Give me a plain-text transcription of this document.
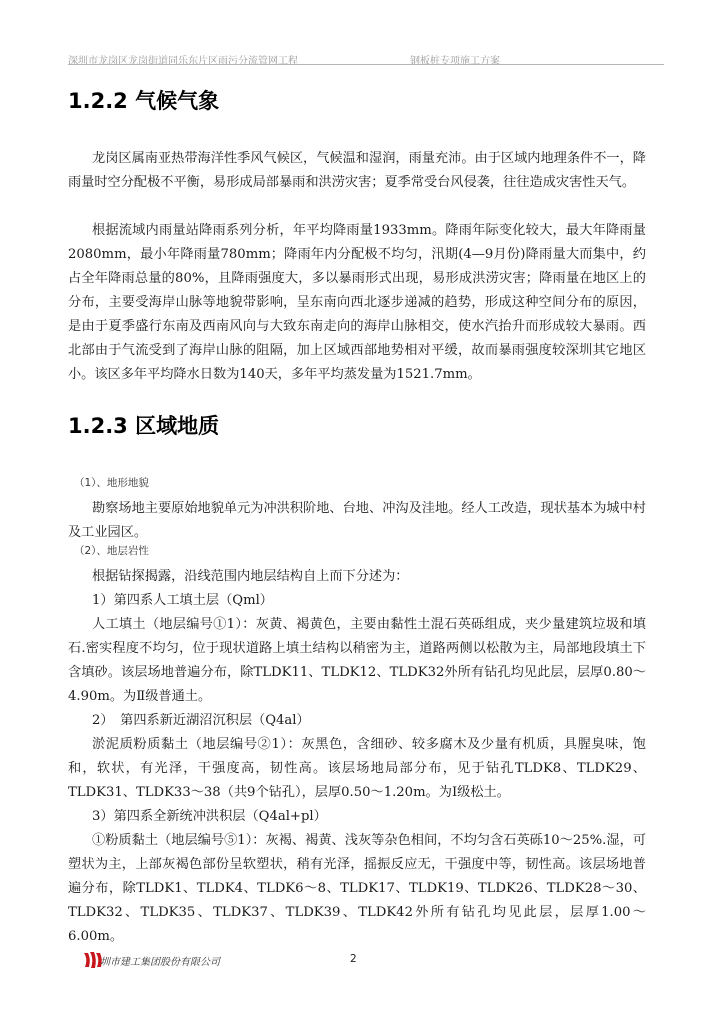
深圳市龙岗区龙岗街道同乐东片区雨污分流管网工程	钢板桩专项施工方案
1.2.2 气候气象

龙岗区属南亚热带海洋性季风气候区，气候温和湿润，雨量充沛。由于区域内地理条件不一，降雨量时空分配极不平衡，易形成局部暴雨和洪涝灾害；夏季常受台风侵袭，往往造成灾害性天气。

根据流域内雨量站降雨系列分析，年平均降雨量1933mm。降雨年际变化较大，最大年降雨量2080mm，最小年降雨量780mm；降雨年内分配极不均匀，汛期(4—9月份)降雨量大而集中，约占全年降雨总量的80%，且降雨强度大，多以暴雨形式出现，易形成洪涝灾害；降雨量在地区上的分布，主要受海岸山脉等地貌带影响，呈东南向西北逐步递减的趋势，形成这种空间分布的原因，是由于夏季盛行东南及西南风向与大致东南走向的海岸山脉相交，使水汽抬升而形成较大暴雨。西北部由于气流受到了海岸山脉的阻隔，加上区域西部地势相对平缓，故而暴雨强度较深圳其它地区小。该区多年平均降水日数为140天，多年平均蒸发量为1521.7mm。

1.2.3 区域地质
（1）、地形地貌

勘察场地主要原始地貌单元为冲洪积阶地、台地、冲沟及洼地。经人工改造，现状基本为城中村及工业园区。

（2）、地层岩性

根据钻探揭露，沿线范围内地层结构自上而下分述为：

1）第四系人工填土层（Qml）

人工填土（地层编号①1）：灰黄、褐黄色，主要由黏性土混石英砾组成，夹少量建筑垃圾和填石.密实程度不均匀，位于现状道路上填土结构以稍密为主，道路两侧以松散为主，局部地段填土下含填砂。该层场地普遍分布，除TLDK11、TLDK12、TLDK32外所有钻孔均见此层，层厚0.80～4.90m。为Ⅱ级普通土。

2）　第四系新近湖沼沉积层（Q4al）

淤泥质粉质黏土（地层编号②1）：灰黑色，含细砂、较多腐木及少量有机质，具腥臭味，饱和，软状，有光泽，干强度高，韧性高。该层场地局部分布，见于钻孔TLDK8、TLDK29、TLDK31、TLDK33～38（共9个钻孔），层厚0.50～1.20m。为Ⅰ级松土。

3）第四系全新统冲洪积层（Q4al+pl）

①粉质黏土（地层编号⑤1）：灰褐、褐黄、浅灰等杂色相间，不均匀含石英砾10～25%.湿，可塑状为主，上部灰褐色部份呈软塑状，稍有光泽，摇振反应无，干强度中等，韧性高。该层场地普遍分布，除TLDK1、TLDK4、TLDK6～8、TLDK17、TLDK19、TLDK26、TLDK28～30、TLDK32、TLDK35、TLDK37、TLDK39、TLDK42外所有钻孔均见此层，层厚1.00～6.00m。

圳市建工集团股份有限公司	2
